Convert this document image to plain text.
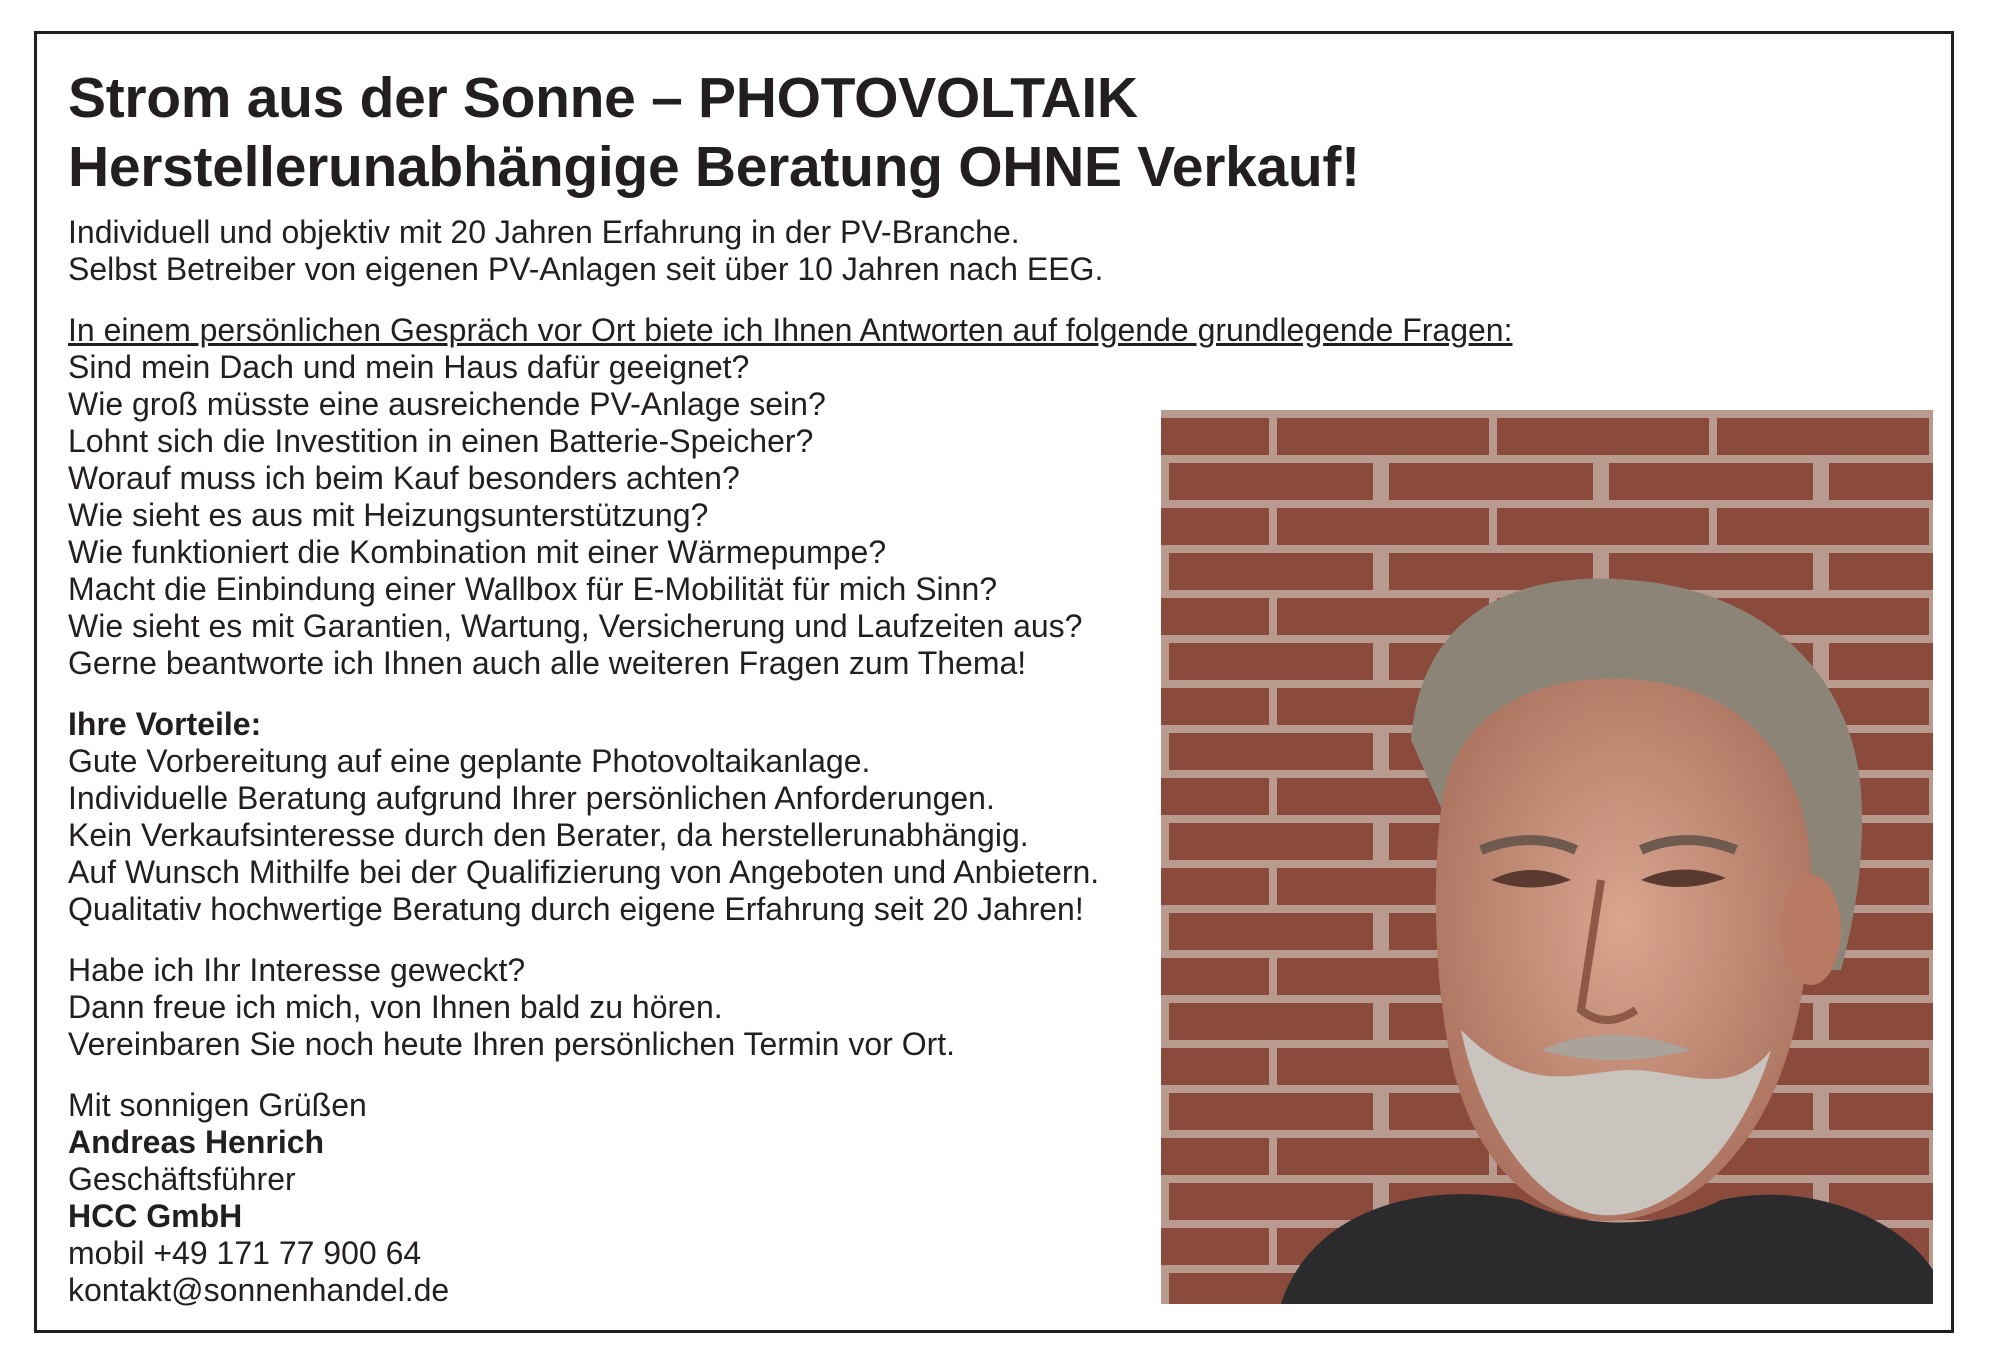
Strom aus der Sonne – PHOTOVOLTAIK
Herstellerunabhängige Beratung OHNE Verkauf!

Individuell und objektiv mit 20 Jahren Erfahrung in der PV-Branche.

Selbst Betreiber von eigenen PV-Anlagen seit über 10 Jahren nach EEG.

In einem persönlichen Gespräch vor Ort biete ich Ihnen Antworten auf folgende grundlegende Fragen:

Sind mein Dach und mein Haus dafür geeignet?

Wie groß müsste eine ausreichende PV-Anlage sein?

Lohnt sich die Investition in einen Batterie-Speicher?

Worauf muss ich beim Kauf besonders achten?

Wie sieht es aus mit Heizungsunterstützung?

Wie funktioniert die Kombination mit einer Wärmepumpe?

Macht die Einbindung einer Wallbox für E-Mobilität für mich Sinn?

Wie sieht es mit Garantien, Wartung, Versicherung und Laufzeiten aus?

Gerne beantworte ich Ihnen auch alle weiteren Fragen zum Thema!

Ihre Vorteile:

Gute Vorbereitung auf eine geplante Photovoltaikanlage.

Individuelle Beratung aufgrund Ihrer persönlichen Anforderungen.

Kein Verkaufsinteresse durch den Berater, da herstellerunabhängig.

Auf Wunsch Mithilfe bei der Qualifizierung von Angeboten und Anbietern.

Qualitativ hochwertige Beratung durch eigene Erfahrung seit 20 Jahren!

Habe ich Ihr Interesse geweckt?

Dann freue ich mich, von Ihnen bald zu hören.

Vereinbaren Sie noch heute Ihren persönlichen Termin vor Ort.

Mit sonnigen Grüßen

Andreas Henrich

Geschäftsführer

HCC GmbH

mobil +49 171 77 900 64

kontakt@sonnenhandel.de
